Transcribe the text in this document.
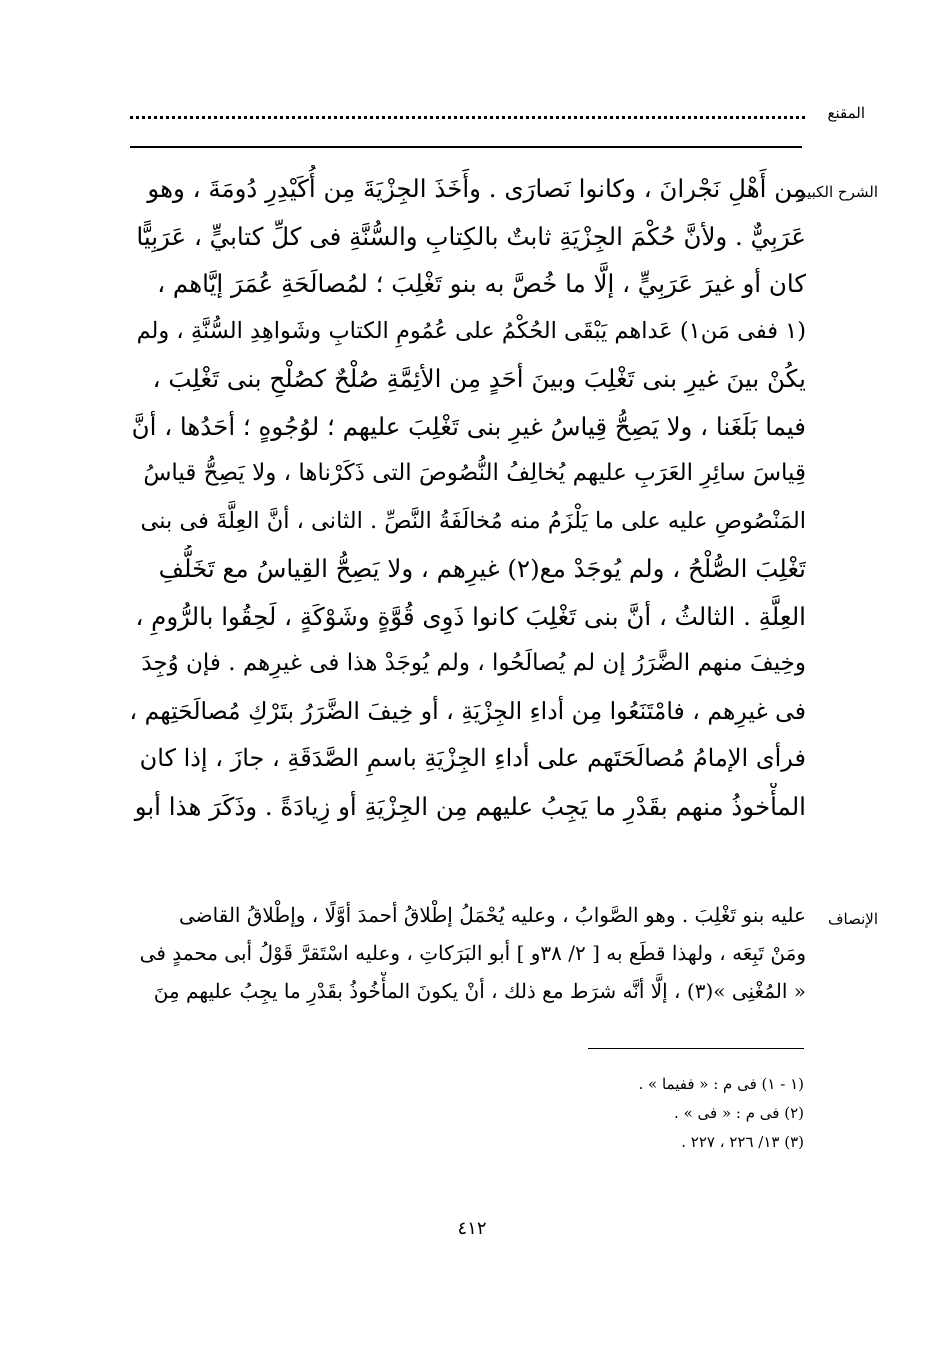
المقنع
الشرح الكبير
مِن أَهْلِ نَجْرانَ ، وكانوا نَصارَى . وأَخَذَ الجِزْيَةَ مِن أُكَيْدِرِ دُومَةَ ، وهو
عَرَبِيٌّ . ولأنَّ حُكْمَ الجِزْيَةِ ثابتٌ بالكِتابِ والسُّنَّةِ فى كلِّ كتابيٍّ ، عَرَبِيًّا
كان أو غيرَ عَرَبِيٍّ ، إلَّا ما خُصَّ به بنو تَغْلِبَ ؛ لمُصالَحَةِ عُمَرَ إيَّاهم ،
(١ ففى مَن١) عَداهم يَبْقَى الحُكْمُ على عُمُومِ الكتابِ وشَواهِدِ السُّنَّةِ ، ولم
يكُنْ بينَ غيرِ بنى تَغْلِبَ وبينَ أحَدٍ مِن الأئِمَّةِ صُلْحٌ كصُلْحِ بنى تَغْلِبَ ،
فيما بَلَغَنا ، ولا يَصِحُّ قِياسُ غيرِ بنى تَغْلِبَ عليهم ؛ لوُجُوهٍ ؛ أحَدُها ، أنَّ
قِياسَ سائِرِ العَرَبِ عليهم يُخالِفُ النُّصُوصَ التى ذَكَرْناها ، ولا يَصِحُّ قياسُ
المَنْصُوصِ عليه على ما يَلْزَمُ منه مُخالَفَةُ النَّصِّ . الثانى ، أنَّ العِلَّةَ فى بنى
تَغْلِبَ الصُّلْحُ ، ولم يُوجَدْ مع(٢) غيرِهم ، ولا يَصِحُّ القِياسُ مع تَخَلُّفِ
العِلَّةِ . الثالثُ ، أنَّ بنى تَغْلِبَ كانوا ذَوِى قُوَّةٍ وشَوْكَةٍ ، لَحِقُوا بالرُّومِ ،
وخِيفَ منهم الضَّرَرُ إن لم يُصالَحُوا ، ولم يُوجَدْ هذا فى غيرِهم . فإن وُجِدَ
فى غيرِهم ، فامْتَنَعُوا مِن أداءِ الجِزْيَةِ ، أو خِيفَ الضَّرَرُ بتَرْكِ مُصالَحَتِهم ،
فرأى الإمامُ مُصالَحَتَهم على أداءِ الجِزْيَةِ باسمِ الصَّدَقَةِ ، جازَ ، إذا كان
المأْخوذُ منهم بقَدْرِ ما يَجِبُ عليهم مِن الجِزْيَةِ أو زِيادَةً . وذَكَرَ هذا أبو
الإنصاف
عليه بنو تَغْلِبَ . وهو الصَّوابُ ، وعليه يُحْمَلُ إطْلاقُ أحمدَ أوَّلًا ، وإطْلاقُ القاضى
ومَنْ تَبِعَه ، ولهذا قطَع به [ ٢/ ٣٨و ] أبو البَرَكاتِ ، وعليه اسْتَقرَّ قَوْلُ أبى محمدٍ فى
« المُغْنِى »(٣) ، إلَّا أنَّه شرَط مع ذلك ، أنْ يكونَ المأْخُوذُ بقَدْرِ ما يجِبُ عليهم مِنَ
(١ - ١) فى م : « ففيما » .
(٢) فى م : « فى » .
(٣) ١٣/ ٢٢٦ ، ٢٢٧ .
٤١٢
